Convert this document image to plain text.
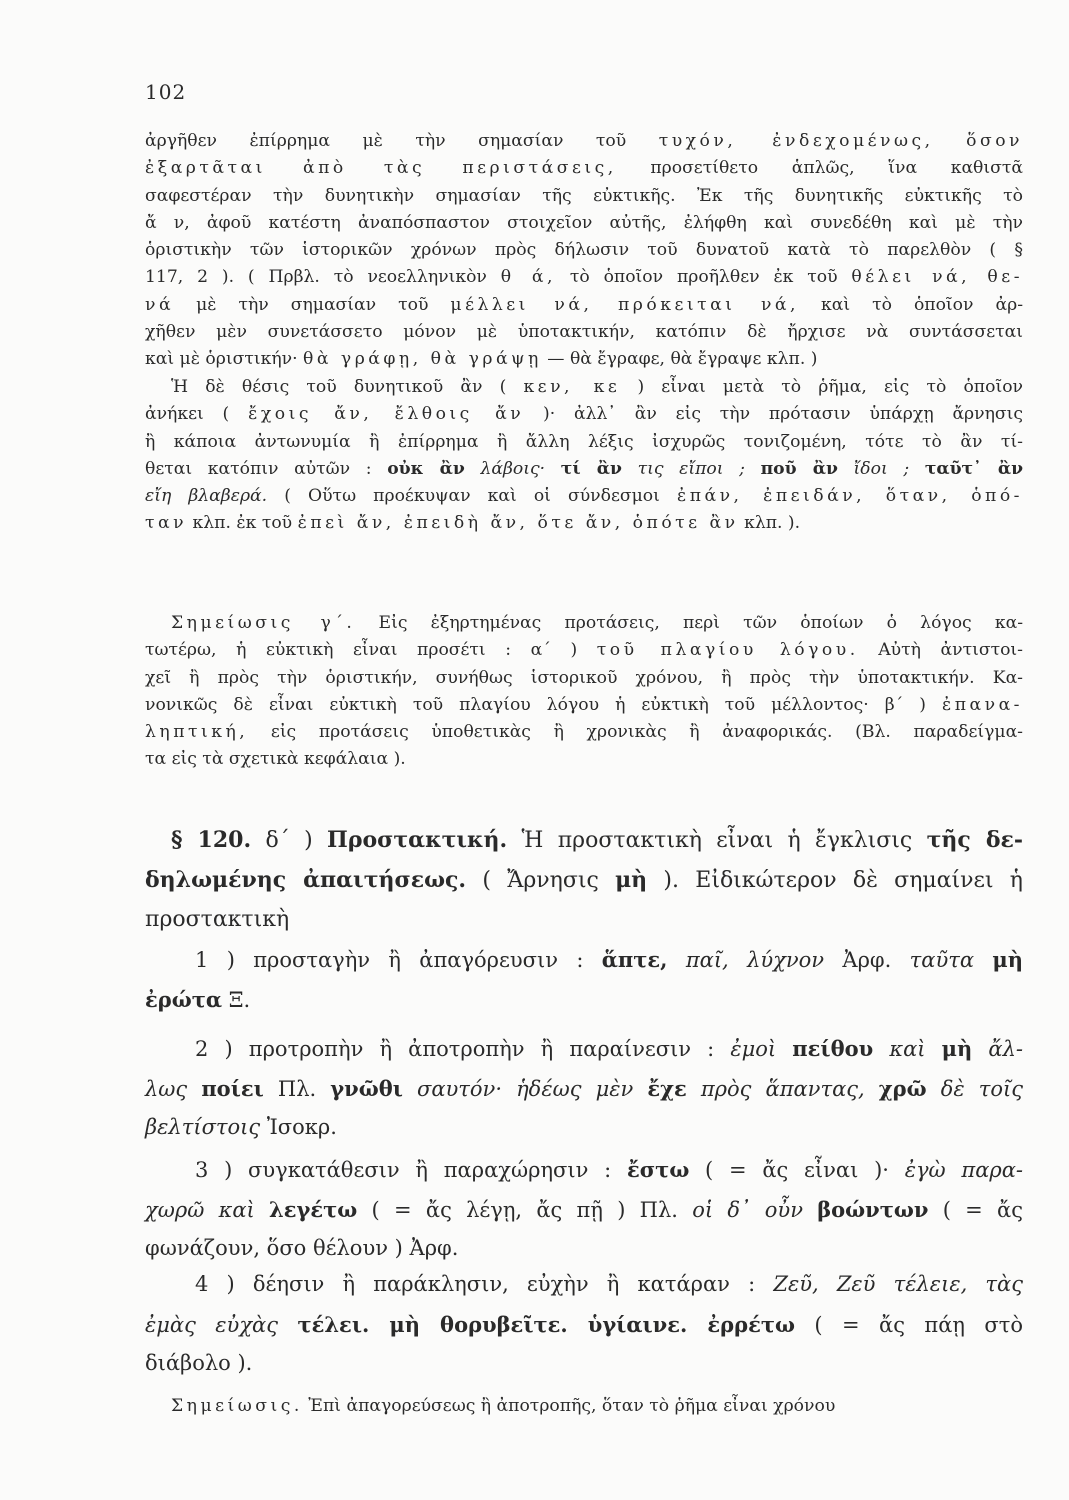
102
ἀργῆθεν ἐπίρρημα μὲ τὴν σημασίαν τοῦ τυχόν, ἐνδεχομένως, ὅσον
ἐξαρτᾶται ἀπὸ τὰς περιστάσεις, προσετίθετο ἁπλῶς, ἵνα καθιστᾶ
σαφεστέραν τὴν δυνητικὴν σημασίαν τῆς εὐκτικῆς. Ἐκ τῆς δυνητικῆς εὐκτικῆς τὸ
ἄ ν, ἀφοῦ κατέστη ἀναπόσπαστον στοιχεῖον αὐτῆς, ἐλήφθη καὶ συνεδέθη καὶ μὲ τὴν
ὁριστικὴν τῶν ἱστορικῶν χρόνων πρὸς δήλωσιν τοῦ δυνατοῦ κατὰ τὸ παρελθὸν ( §
117, 2 ). ( Πρβλ. τὸ νεοελληνικὸν θ ά, τὸ ὁποῖον προῆλθεν ἐκ τοῦ θέλει νά, θε-
νά μὲ τὴν σημασίαν τοῦ μέλλει νά, πρόκειται νά, καὶ τὸ ὁποῖον ἀρ-
χῆθεν μὲν συνετάσσετο μόνον μὲ ὑποτακτικήν, κατόπιν δὲ ἤρχισε νὰ συντάσσεται
καὶ μὲ ὁριστικήν· θὰ γράφῃ, θὰ γράψῃ — θὰ ἔγραφε, θὰ ἔγραψε κλπ. )
Ἡ δὲ θέσις τοῦ δυνητικοῦ ἂν ( κεν, κε ) εἶναι μετὰ τὸ ῥῆμα, εἰς τὸ ὁποῖον
ἀνήκει ( ἔχοις ἄν, ἔλθοις ἄν )· ἀλλ᾽ ἂν εἰς τὴν πρότασιν ὑπάρχῃ ἄρνησις
ἢ κάποια ἀντωνυμία ἢ ἐπίρρημα ἢ ἄλλη λέξις ἰσχυρῶς τονιζομένη, τότε τὸ ἂν τί-
θεται κατόπιν αὐτῶν : οὐκ ἂν λάβοις· τί ἂν τις εἴποι ; ποῦ ἂν ἴδοι ; ταῦτ᾽ ἂν
εἴη βλαβερά. ( Οὕτω προέκυψαν καὶ οἱ σύνδεσμοι ἐπάν, ἐπειδάν, ὅταν, ὁπό-
ταν κλπ. ἐκ τοῦ ἐπεὶ ἄν, ἐπειδὴ ἄν, ὅτε ἄν, ὁπότε ἂν κλπ. ).
Σημείωσις γ΄. Εἰς ἐξηρτημένας προτάσεις, περὶ τῶν ὁποίων ὁ λόγος κα-
τωτέρω, ἡ εὐκτικὴ εἶναι προσέτι : α΄ ) τοῦ πλαγίου λόγου. Αὐτὴ ἀντιστοι-
χεῖ ἢ πρὸς τὴν ὁριστικήν, συνήθως ἱστορικοῦ χρόνου, ἢ πρὸς τὴν ὑποτακτικήν. Κα-
νονικῶς δὲ εἶναι εὐκτικὴ τοῦ πλαγίου λόγου ἡ εὐκτικὴ τοῦ μέλλοντος· β΄ ) ἐπανα-
ληπτική, εἰς προτάσεις ὑποθετικὰς ἢ χρονικὰς ἢ ἀναφορικάς. (Βλ. παραδείγμα-
τα εἰς τὰ σχετικὰ κεφάλαια ).
§ 120. δ΄ ) Προστακτική. Ἡ προστακτικὴ εἶναι ἡ ἔγκλισις τῆς δε-
δηλωμένης ἀπαιτήσεως. ( Ἄρνησις μὴ ). Εἰδικώτερον δὲ σημαίνει ἡ
προστακτικὴ
1 ) προσταγὴν ἢ ἀπαγόρευσιν : ἅπτε, παῖ, λύχνον Ἀρφ. ταῦτα μὴ
ἐρώτα Ξ.
2 ) προτροπὴν ἢ ἀποτροπὴν ἢ παραίνεσιν : ἐμοὶ πείθου καὶ μὴ ἄλ-
λως ποίει Πλ. γνῶθι σαυτόν· ἡδέως μὲν ἔχε πρὸς ἅπαντας, χρῶ δὲ τοῖς
βελτίστοις Ἰσοκρ.
3 ) συγκατάθεσιν ἢ παραχώρησιν : ἔστω ( = ἄς εἶναι )· ἐγὼ παρα-
χωρῶ καὶ λεγέτω ( = ἄς λέγῃ, ἄς πῇ ) Πλ. οἱ δ᾽ οὖν βοώντων ( = ἄς
φωνάζουν, ὅσο θέλουν ) Ἀρφ.
4 ) δέησιν ἢ παράκλησιν, εὐχὴν ἢ κατάραν : Ζεῦ, Ζεῦ τέλειε, τὰς
ἐμὰς εὐχὰς τέλει. μὴ θορυβεῖτε. ὑγίαινε. ἐρρέτω ( = ἄς πάῃ στὸ
διάβολο ).
Σημείωσις. Ἐπὶ ἀπαγορεύσεως ἢ ἀποτροπῆς, ὅταν τὸ ῥῆμα εἶναι χρόνου
